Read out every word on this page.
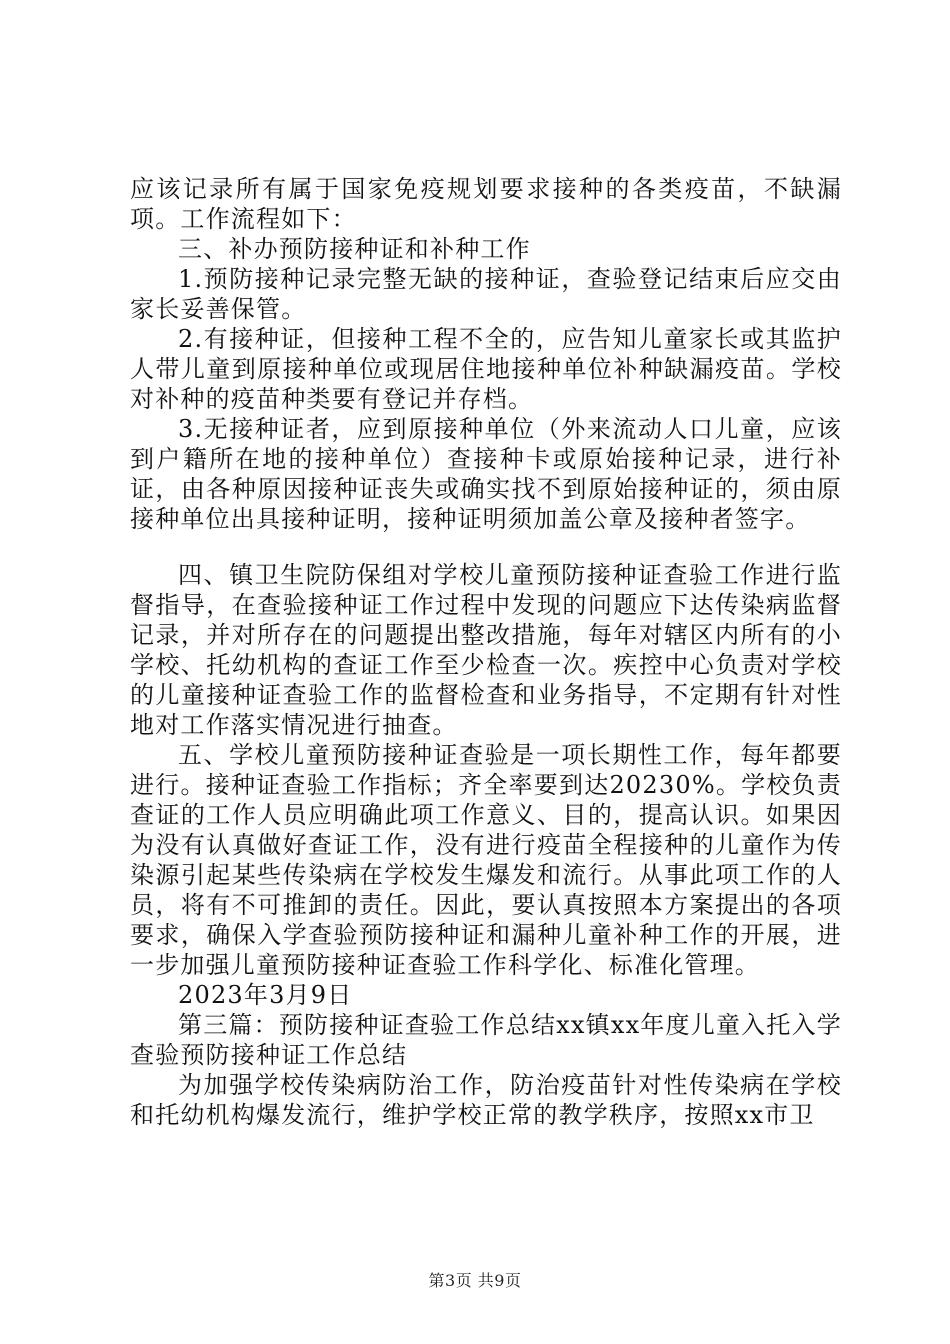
应该记录所有属于国家免疫规划要求接种的各类疫苗，不缺漏项。工作流程如下：

三、补办预防接种证和补种工作

1.预防接种记录完整无缺的接种证，查验登记结束后应交由家长妥善保管。

2.有接种证，但接种工程不全的，应告知儿童家长或其监护人带儿童到原接种单位或现居住地接种单位补种缺漏疫苗。学校对补种的疫苗种类要有登记并存档。

3.无接种证者，应到原接种单位（外来流动人口儿童，应该到户籍所在地的接种单位）查接种卡或原始接种记录，进行补证，由各种原因接种证丧失或确实找不到原始接种证的，须由原接种单位出具接种证明，接种证明须加盖公章及接种者签字。

四、镇卫生院防保组对学校儿童预防接种证查验工作进行监督指导，在查验接种证工作过程中发现的问题应下达传染病监督记录，并对所存在的问题提出整改措施，每年对辖区内所有的小学校、托幼机构的查证工作至少检查一次。疾控中心负责对学校的儿童接种证查验工作的监督检查和业务指导，不定期有针对性地对工作落实情况进行抽查。

五、学校儿童预防接种证查验是一项长期性工作，每年都要进行。接种证查验工作指标；齐全率要到达20230%。学校负责查证的工作人员应明确此项工作意义、目的，提高认识。如果因为没有认真做好查证工作，没有进行疫苗全程接种的儿童作为传染源引起某些传染病在学校发生爆发和流行。从事此项工作的人员，将有不可推卸的责任。因此，要认真按照本方案提出的各项要求，确保入学查验预防接种证和漏种儿童补种工作的开展，进一步加强儿童预防接种证查验工作科学化、标准化管理。

2023年3月9日

第三篇：预防接种证查验工作总结xx镇xx年度儿童入托入学查验预防接种证工作总结

为加强学校传染病防治工作，防治疫苗针对性传染病在学校和托幼机构爆发流行，维护学校正常的教学秩序，按照xx市卫

第3页 共9页
